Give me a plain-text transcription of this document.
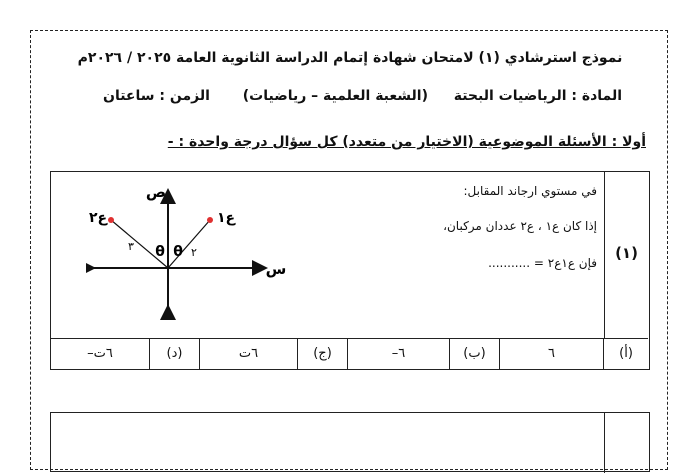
نموذج استرشادي (١) لامتحان شهادة إتمام الدراسة الثانوية العامة ٢٠٢٥ / ٢٠٢٦م
المادة : الرياضيات البحتة
(الشعبة العلمية – رياضيات)
الزمن : ساعتان
أولا : الأسئلة الموضوعية (الاختيار من متعدد) كل سؤال درجة واحدة : -
(١)
في مستوي ارجاند المقابل:
إذا كان ع١ ، ع٢ عددان مركبان،
فإن ع١ع٢ = ...........
ص
س
ع١
ع٢
٢
٣ θ θ
(أ)
٦
(ب)
–٦
(ج)
٦ت
(د)
–٦ت
